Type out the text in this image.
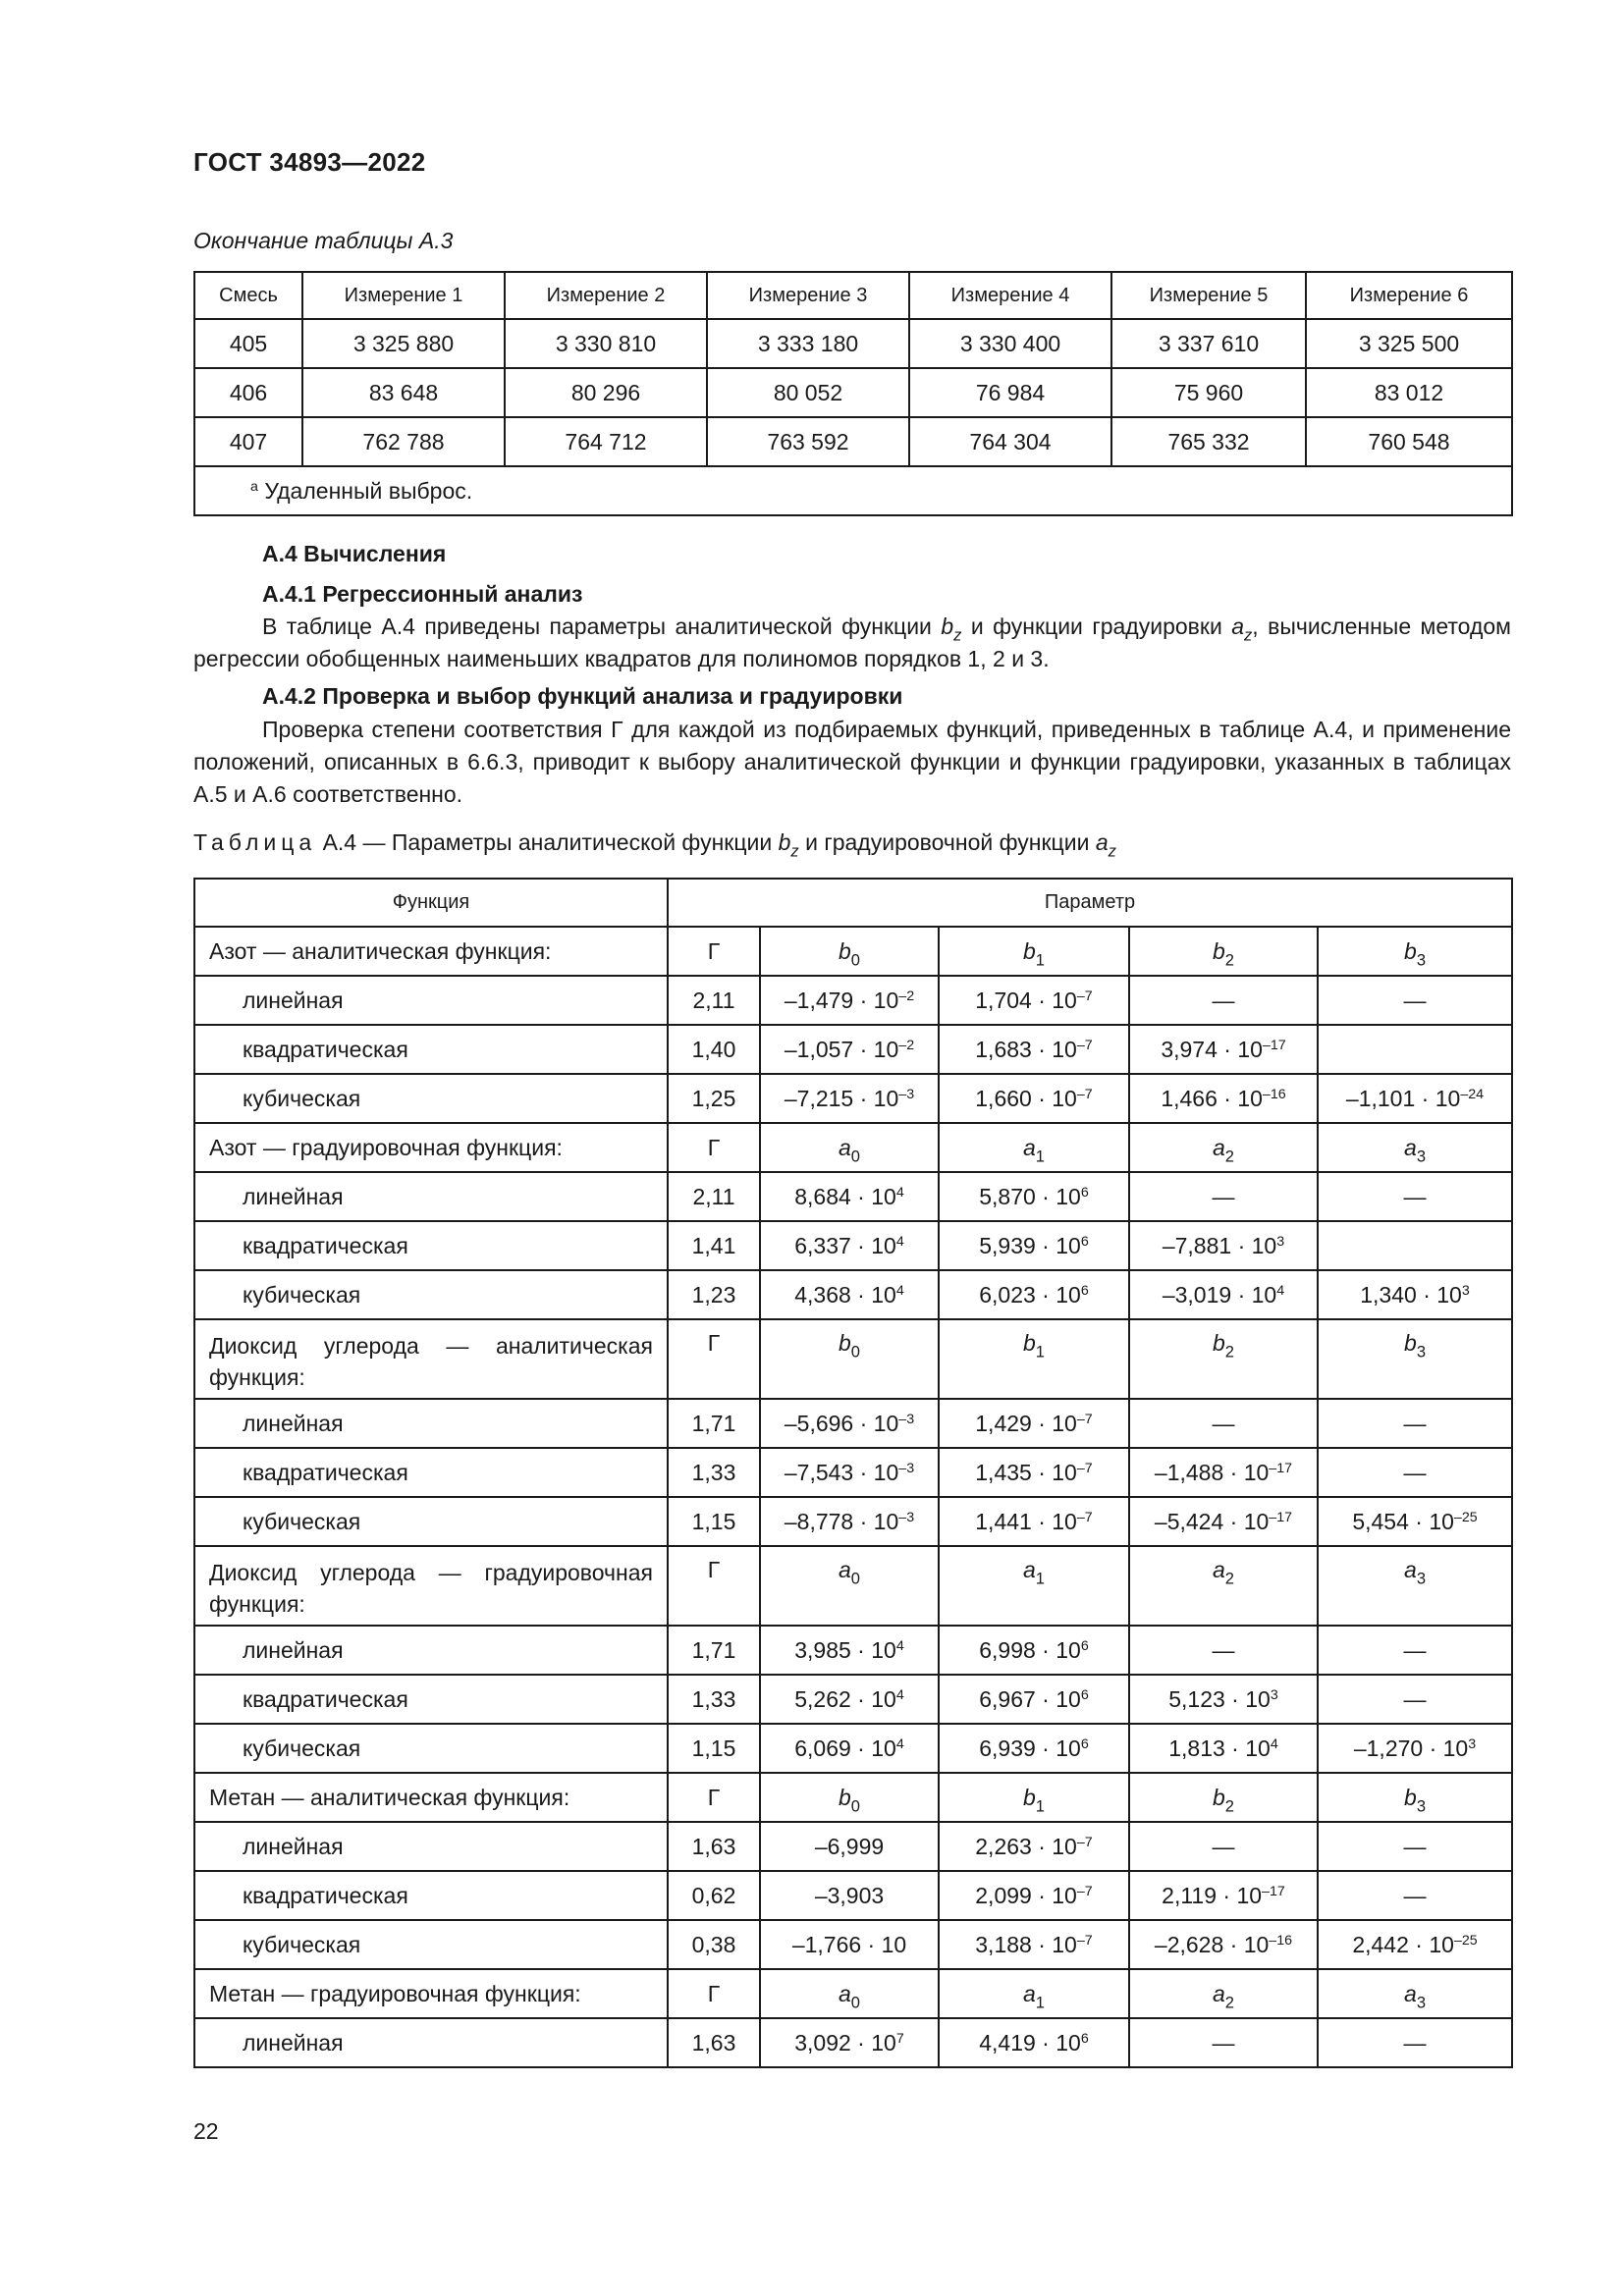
ГОСТ 34893—2022
Окончание таблицы А.3
Смесь	Измерение 1	Измерение 2	Измерение 3	Измерение 4	Измерение 5	Измерение 6
405	3 325 880	3 330 810	3 333 180	3 330 400	3 337 610	3 325 500
406	83 648	80 296	80 052	76 984	75 960	83 012
407	762 788	764 712	763 592	764 304	765 332	760 548
$^а$ Удаленный выброс.						
А.4 Вычисления
А.4.1 Регрессионный анализ
В таблице А.4 приведены параметры аналитической функции $b_z$ и функции градуировки $a_z$, вычисленные методом регрессии обобщенных наименьших квадратов для полиномов порядков 1, 2 и 3.
А.4.2 Проверка и выбор функций анализа и градуировки
Проверка степени соответствия Г для каждой из подбираемых функций, приведенных в таблице А.4, и применение положений, описанных в 6.6.3, приводит к выбору аналитической функции и функции градуировки, указанных в таблицах А.5 и А.6 соответственно.
Таблица А.4 — Параметры аналитической функции $b_z$ и градуировочной функции $a_z$
Функция	Параметр				
Азот — аналитическая функция:	Г	$b_0$	$b_1$	$b_2$	$b_3$
линейная	2,11	$-1,479 \cdot 10^{-2}$	$1,704 \cdot 10^{-7}$	—	—
квадратическая	1,40	$-1,057 \cdot 10^{-2}$	$1,683 \cdot 10^{-7}$	$3,974 \cdot 10^{-17}$	
кубическая	1,25	$-7,215 \cdot 10^{-3}$	$1,660 \cdot 10^{-7}$	$1,466 \cdot 10^{-16}$	$-1,101 \cdot 10^{-24}$
Азот — градуировочная функция:	Г	$a_0$	$a_1$	$a_2$	$a_3$
линейная	2,11	$8,684 \cdot 10^4$	$5,870 \cdot 10^6$	—	—
квадратическая	1,41	$6,337 \cdot 10^4$	$5,939 \cdot 10^6$	$-7,881 \cdot 10^3$	
кубическая	1,23	$4,368 \cdot 10^4$	$6,023 \cdot 10^6$	$-3,019 \cdot 10^4$	$1,340 \cdot 10^3$
Диоксид углерода — аналитическая функция:	Г	$b_0$	$b_1$	$b_2$	$b_3$
линейная	1,71	$-5,696 \cdot 10^{-3}$	$1,429 \cdot 10^{-7}$	—	—
квадратическая	1,33	$-7,543 \cdot 10^{-3}$	$1,435 \cdot 10^{-7}$	$-1,488 \cdot 10^{-17}$	—
кубическая	1,15	$-8,778 \cdot 10^{-3}$	$1,441 \cdot 10^{-7}$	$-5,424 \cdot 10^{-17}$	$5,454 \cdot 10^{-25}$
Диоксид углерода — градуировочная функция:	Г	$a_0$	$a_1$	$a_2$	$a_3$
линейная	1,71	$3,985 \cdot 10^4$	$6,998 \cdot 10^6$	—	—
квадратическая	1,33	$5,262 \cdot 10^4$	$6,967 \cdot 10^6$	$5,123 \cdot 10^3$	—
кубическая	1,15	$6,069 \cdot 10^4$	$6,939 \cdot 10^6$	$1,813 \cdot 10^4$	$-1,270 \cdot 10^3$
Метан — аналитическая функция:	Г	$b_0$	$b_1$	$b_2$	$b_3$
линейная	1,63	–6,999	$2,263 \cdot 10^{-7}$	—	—
квадратическая	0,62	–3,903	$2,099 \cdot 10^{-7}$	$2,119 \cdot 10^{-17}$	—
кубическая	0,38	–1,766 · 10	$3,188 \cdot 10^{-7}$	$-2,628 \cdot 10^{-16}$	$2,442 \cdot 10^{-25}$
Метан — градуировочная функция:	Г	$a_0$	$a_1$	$a_2$	$a_3$
линейная	1,63	$3,092 \cdot 10^7$	$4,419 \cdot 10^6$	—	—
22
